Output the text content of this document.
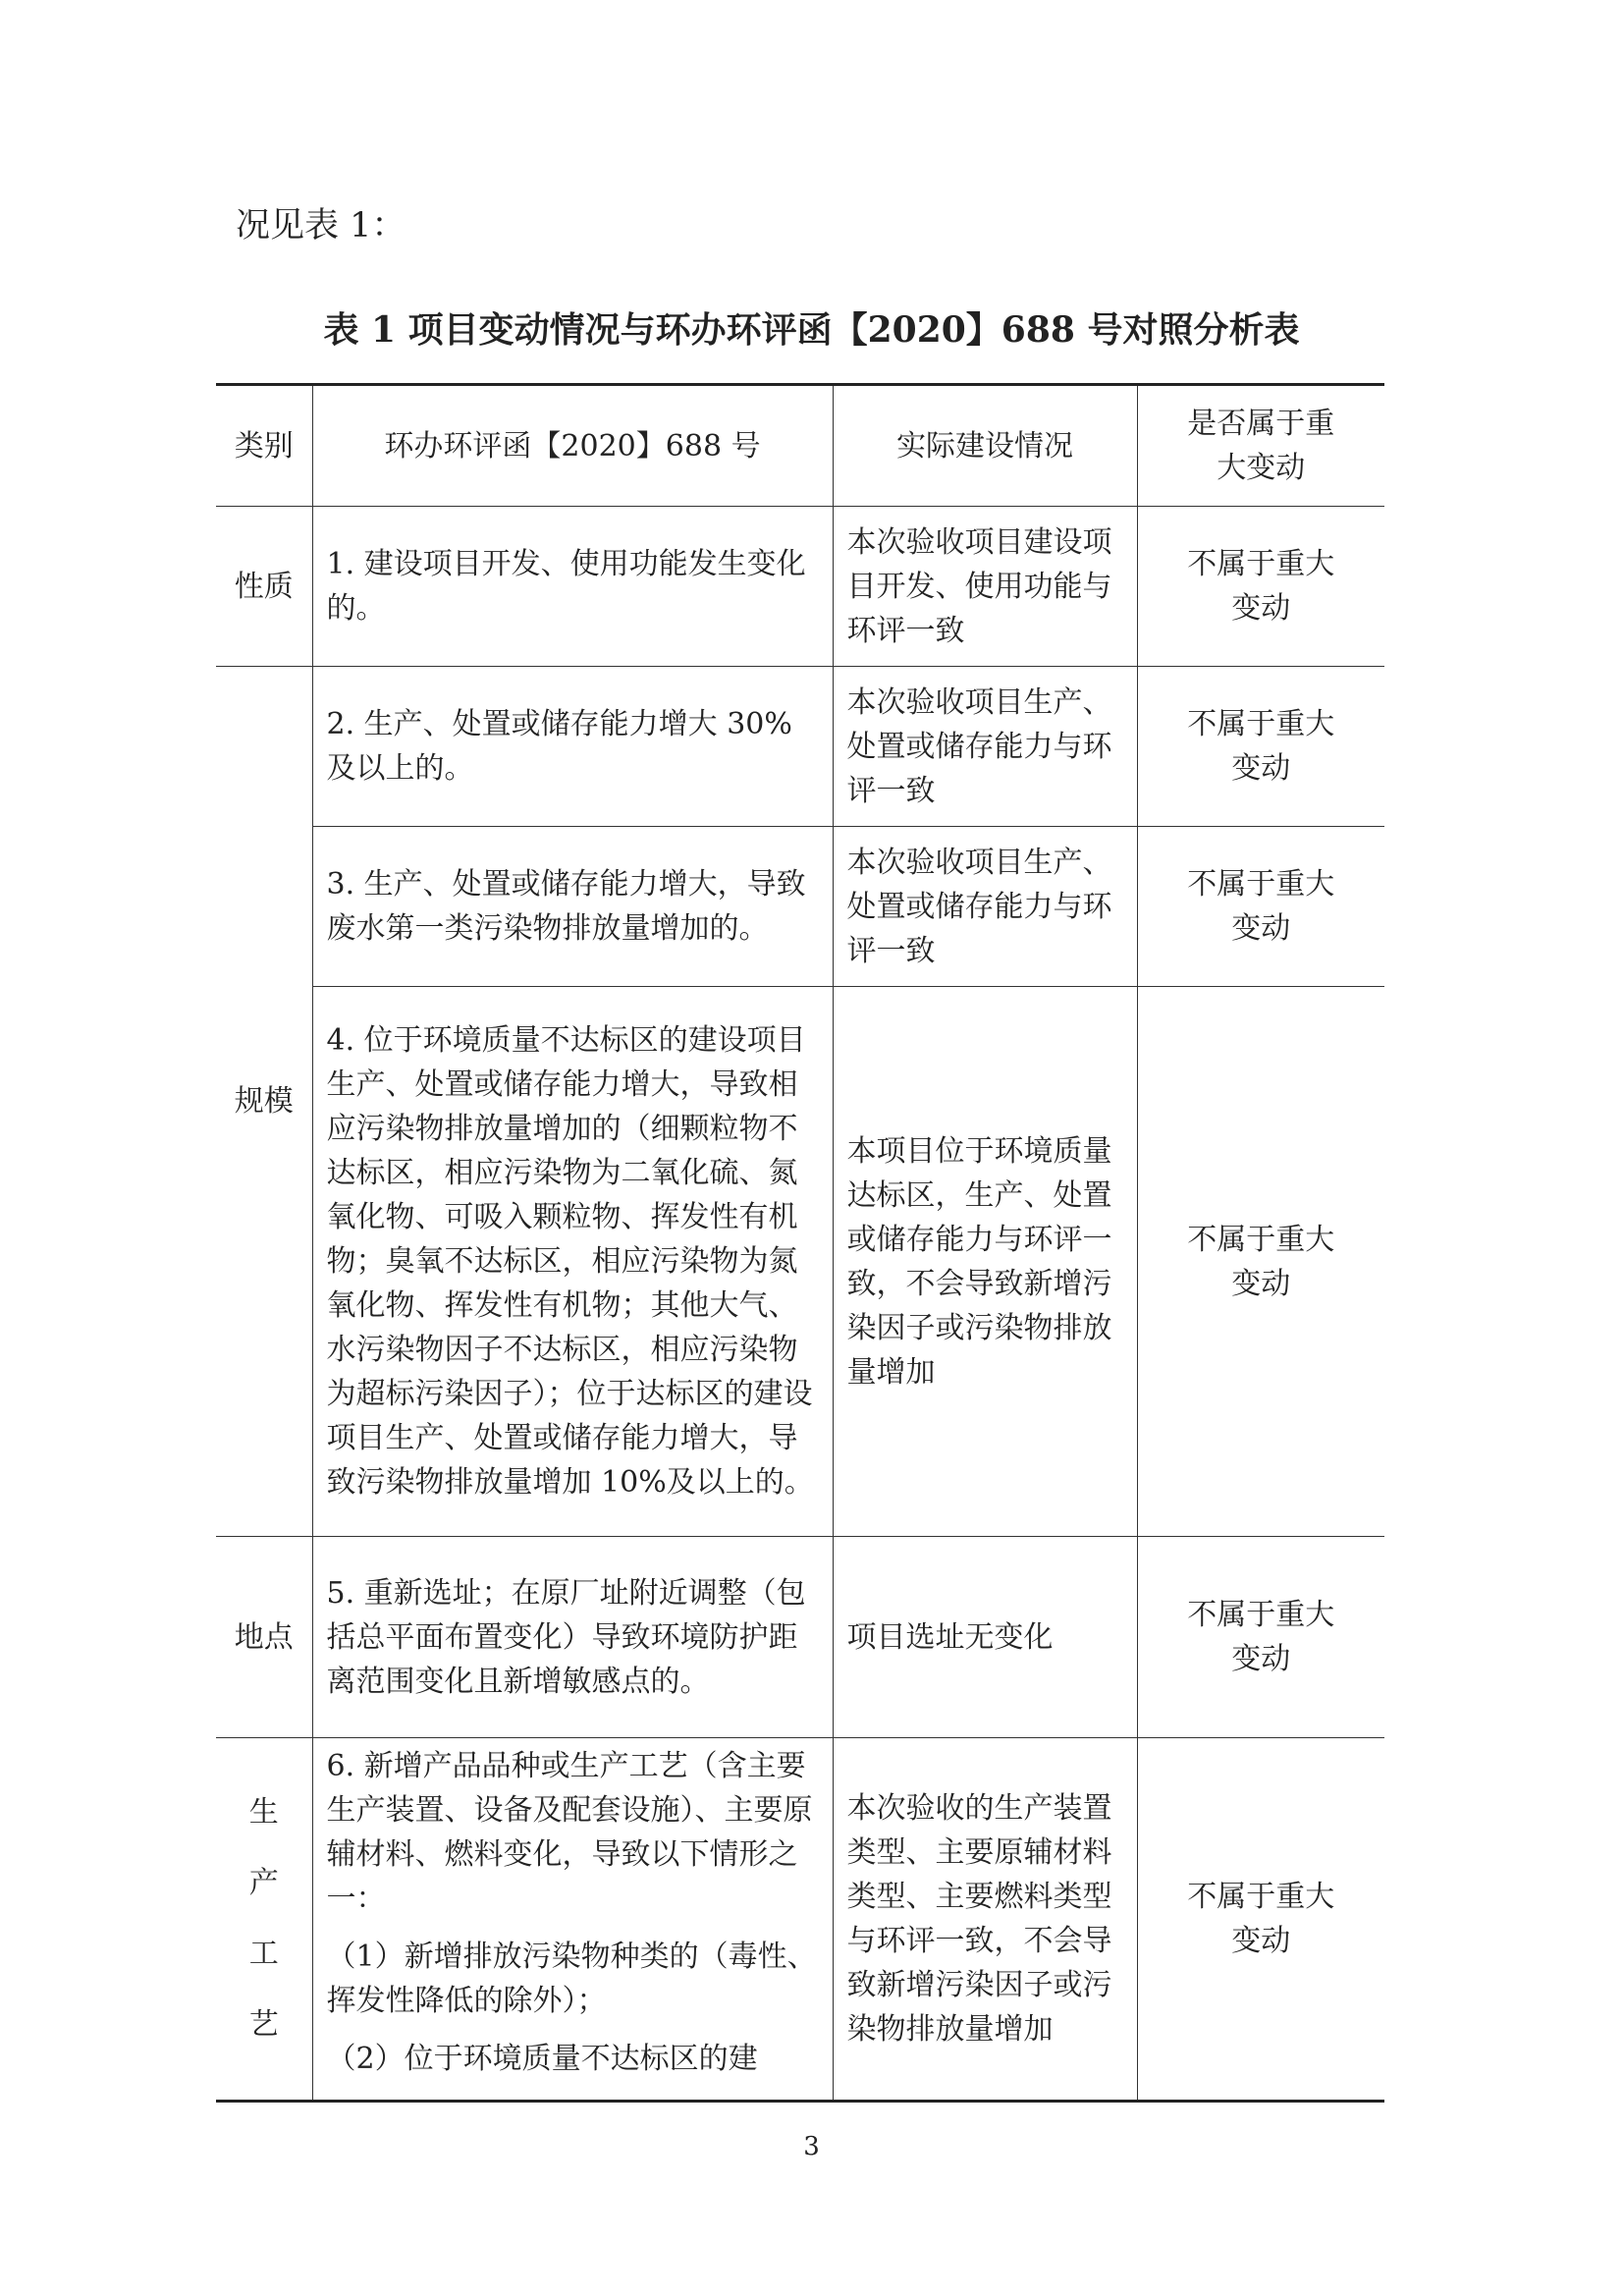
况见表 1：
表 1 项目变动情况与环办环评函【2020】688 号对照分析表
类别	环办环评函【2020】688 号	实际建设情况	是否属于重大变动
性质	1. 建设项目开发、使用功能发生变化的。	本次验收项目建设项目开发、使用功能与环评一致	不属于重大变动
规模	2. 生产、处置或储存能力增大 30%及以上的。	本次验收项目生产、处置或储存能力与环评一致	不属于重大变动
	3. 生产、处置或储存能力增大，导致废水第一类污染物排放量增加的。	本次验收项目生产、处置或储存能力与环评一致	不属于重大变动
	4. 位于环境质量不达标区的建设项目生产、处置或储存能力增大，导致相应污染物排放量增加的（细颗粒物不达标区，相应污染物为二氧化硫、氮氧化物、可吸入颗粒物、挥发性有机物；臭氧不达标区，相应污染物为氮氧化物、挥发性有机物；其他大气、水污染物因子不达标区，相应污染物为超标污染因子）；位于达标区的建设项目生产、处置或储存能力增大，导致污染物排放量增加 10%及以上的。	本项目位于环境质量达标区，生产、处置或储存能力与环评一致，不会导致新增污染因子或污染物排放量增加	不属于重大变动
地点	5. 重新选址；在原厂址附近调整（包括总平面布置变化）导致环境防护距离范围变化且新增敏感点的。	项目选址无变化	不属于重大变动
生产工艺	6. 新增产品品种或生产工艺（含主要生产装置、设备及配套设施）、主要原辅材料、燃料变化，导致以下情形之一：
（1）新增排放污染物种类的（毒性、挥发性降低的除外）；
（2）位于环境质量不达标区的建	本次验收的生产装置类型、主要原辅材料类型、主要燃料类型与环评一致，不会导致新增污染因子或污染物排放量增加	不属于重大变动
3
